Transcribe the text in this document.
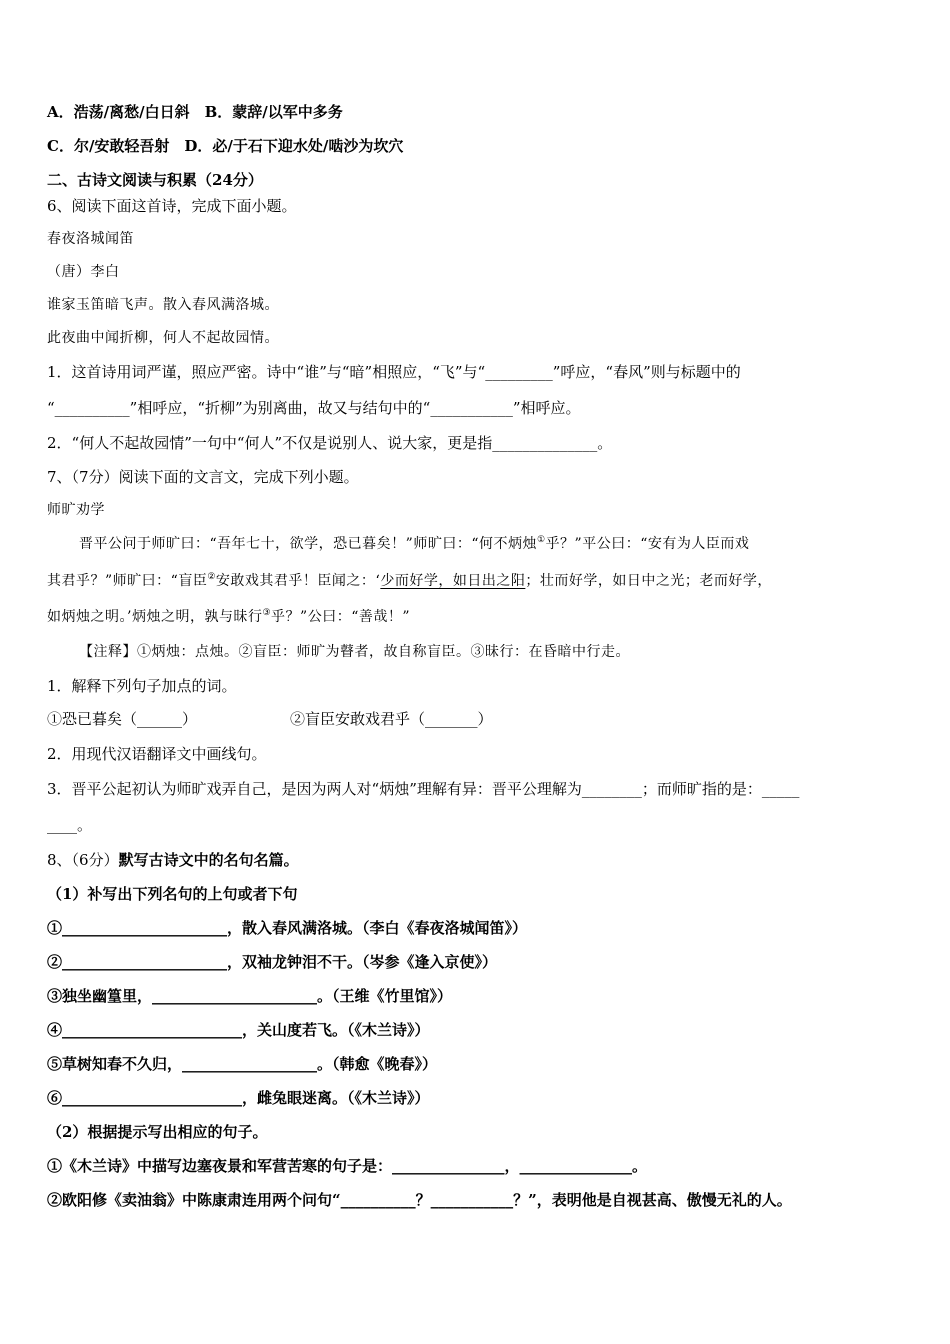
A．浩荡/离愁/白日斜　B．蒙辞/以军中多务
C．尔/安敢轻吾射　D．必/于石下迎水处/啮沙为坎穴
二、古诗文阅读与积累（24分）
6、阅读下面这首诗，完成下面小题。
春夜洛城闻笛
（唐）李白
谁家玉笛暗飞声。散入春风满洛城。
此夜曲中闻折柳，何人不起故园情。
1．这首诗用词严谨，照应严密。诗中“谁”与“暗”相照应，“飞”与“_________”呼应，“春风”则与标题中的
“__________”相呼应，“折柳”为别离曲，故又与结句中的“___________”相呼应。
2．“何人不起故园情”一句中“何人”不仅是说别人、说大家，更是指______________。
7、（7分）阅读下面的文言文，完成下列小题。
师旷劝学
晋平公问于师旷曰：“吾年七十，欲学，恐已暮矣！”师旷曰：“何不炳烛①乎？”平公曰：“安有为人臣而戏
其君乎？”师旷曰：“盲臣②安敢戏其君乎！臣闻之：‘少而好学，如日出之阳；壮而好学，如日中之光；老而好学，
如炳烛之明。’炳烛之明，孰与昧行③乎？”公曰：“善哉！”
【注释】①炳烛：点烛。②盲臣：师旷为瞽者，故自称盲臣。③昧行：在昏暗中行走。
1．解释下列句子加点的词。
①恐已暮矣（______）	②盲臣安敢戏君乎（_______）
2．用现代汉语翻译文中画线句。
3．晋平公起初认为师旷戏弄自己，是因为两人对“炳烛”理解有异：晋平公理解为________；而师旷指的是：_____
____。
8、（6分）默写古诗文中的名句名篇。
（1）补写出下列名句的上句或者下句
①______________________，散入春风满洛城。（李白《春夜洛城闻笛》）
②______________________，双袖龙钟泪不干。（岑参《逢入京使》）
③独坐幽篁里，______________________。（王维《竹里馆》）
④________________________，关山度若飞。（《木兰诗》）
⑤草树知春不久归，__________________。（韩愈《晚春》）
⑥________________________，雌兔眼迷离。（《木兰诗》）
（2）根据提示写出相应的句子。
①《木兰诗》中描写边塞夜景和军营苦寒的句子是：_______________，_______________。
②欧阳修《卖油翁》中陈康肃连用两个问句“__________？___________？”，表明他是自视甚高、傲慢无礼的人。
